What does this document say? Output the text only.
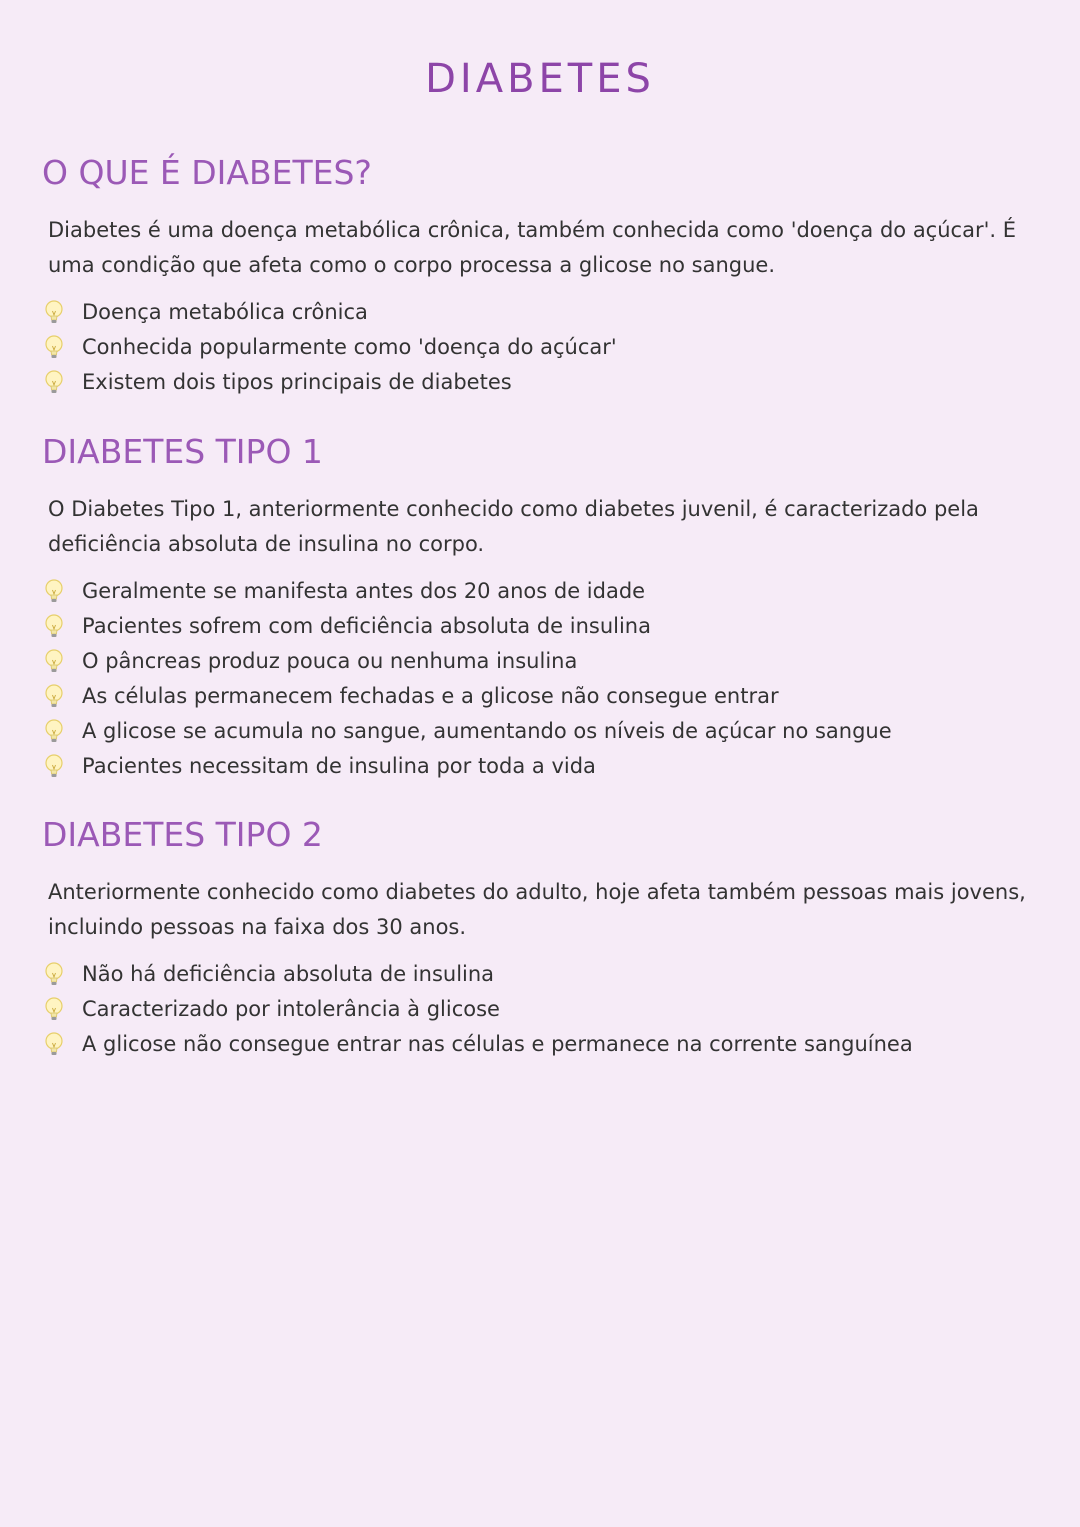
DIABETES
O QUE É DIABETES?

Diabetes é uma doença metabólica crônica, também conhecida como 'doença do açúcar'. É uma condição que afeta como o corpo processa a glicose no sangue.

Doença metabólica crônica
Conhecida popularmente como 'doença do açúcar'
Existem dois tipos principais de diabetes
DIABETES TIPO 1

O Diabetes Tipo 1, anteriormente conhecido como diabetes juvenil, é caracterizado pela deficiência absoluta de insulina no corpo.

Geralmente se manifesta antes dos 20 anos de idade
Pacientes sofrem com deficiência absoluta de insulina
O pâncreas produz pouca ou nenhuma insulina
As células permanecem fechadas e a glicose não consegue entrar
A glicose se acumula no sangue, aumentando os níveis de açúcar no sangue
Pacientes necessitam de insulina por toda a vida
DIABETES TIPO 2

Anteriormente conhecido como diabetes do adulto, hoje afeta também pessoas mais jovens, incluindo pessoas na faixa dos 30 anos.

Não há deficiência absoluta de insulina
Caracterizado por intolerância à glicose
A glicose não consegue entrar nas células e permanece na corrente sanguínea
